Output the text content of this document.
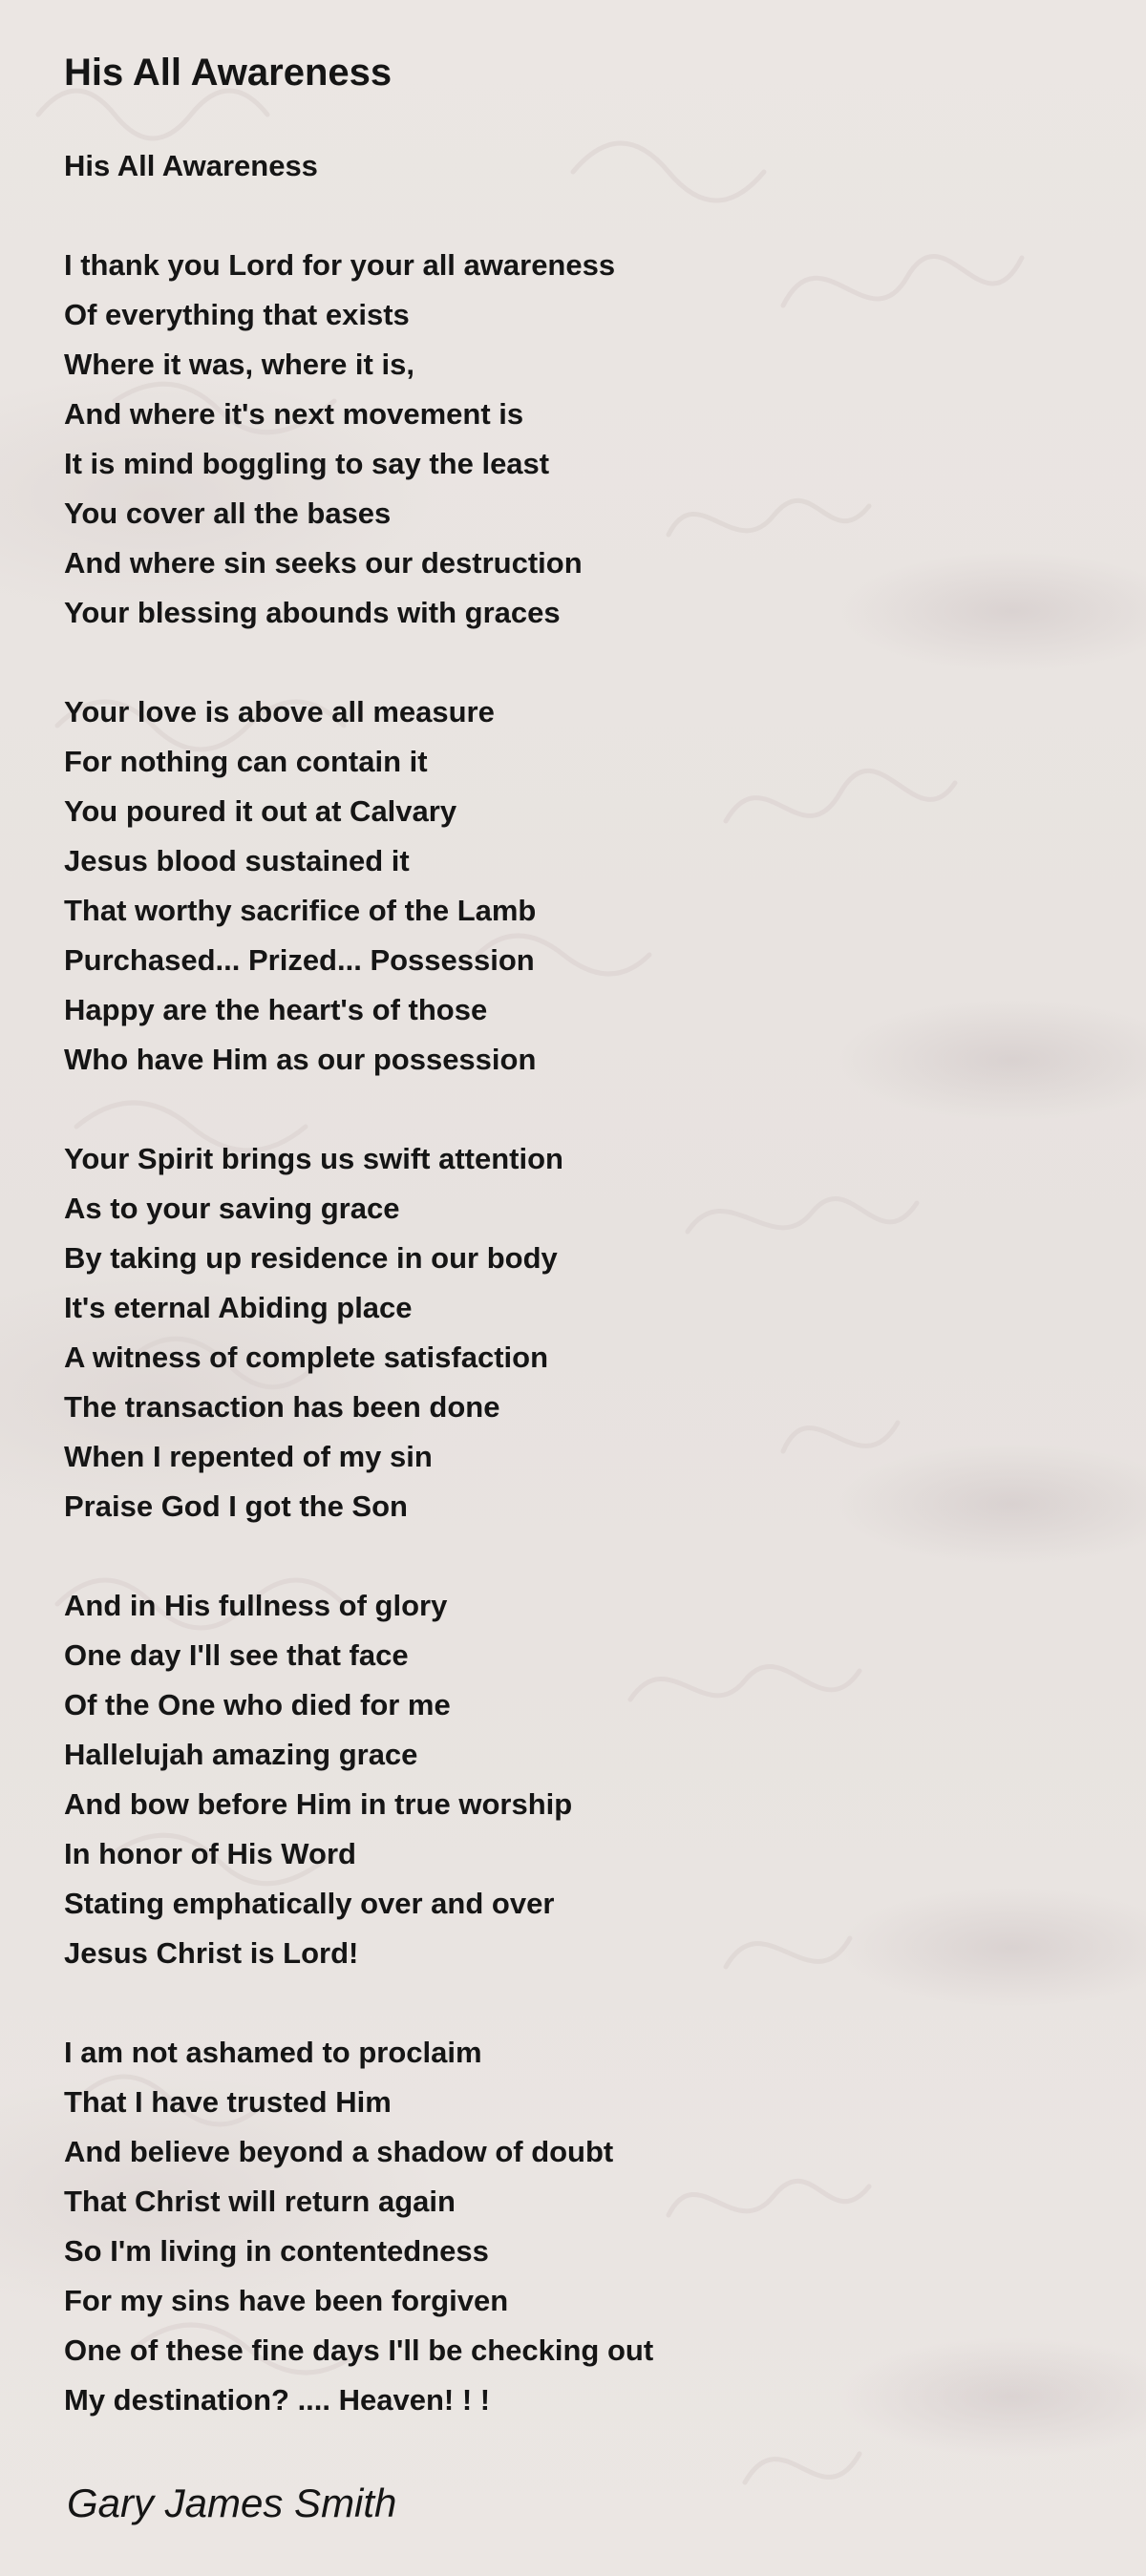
His All Awareness
His All Awareness
I thank you Lord for your all awareness
Of everything that exists
Where it was, where it is,
And where it's next movement is
It is mind boggling to say the least
You cover all the bases
And where sin seeks our destruction
Your blessing abounds with graces
Your love is above all measure
For nothing can contain it
You poured it out at Calvary
Jesus blood sustained it
That worthy sacrifice of the Lamb
Purchased... Prized... Possession
Happy are the heart's of those
Who have Him as our possession
Your Spirit brings us swift attention
As to your saving grace
By taking up residence in our body
It's eternal Abiding place
A witness of complete satisfaction
The transaction has been done
When I repented of my sin
Praise God I got the Son
And in His fullness of glory
One day I'll see that face
Of the One who died for me
Hallelujah amazing grace
And bow before Him in true worship
In honor of His Word
Stating emphatically over and over
Jesus Christ is Lord!
I am not ashamed to proclaim
That I have trusted Him
And believe beyond a shadow of doubt
That Christ will return again
So I'm living in contentedness
For my sins have been forgiven
One of these fine days I'll be checking out
My destination? .... Heaven! ! !
Gary James Smith
